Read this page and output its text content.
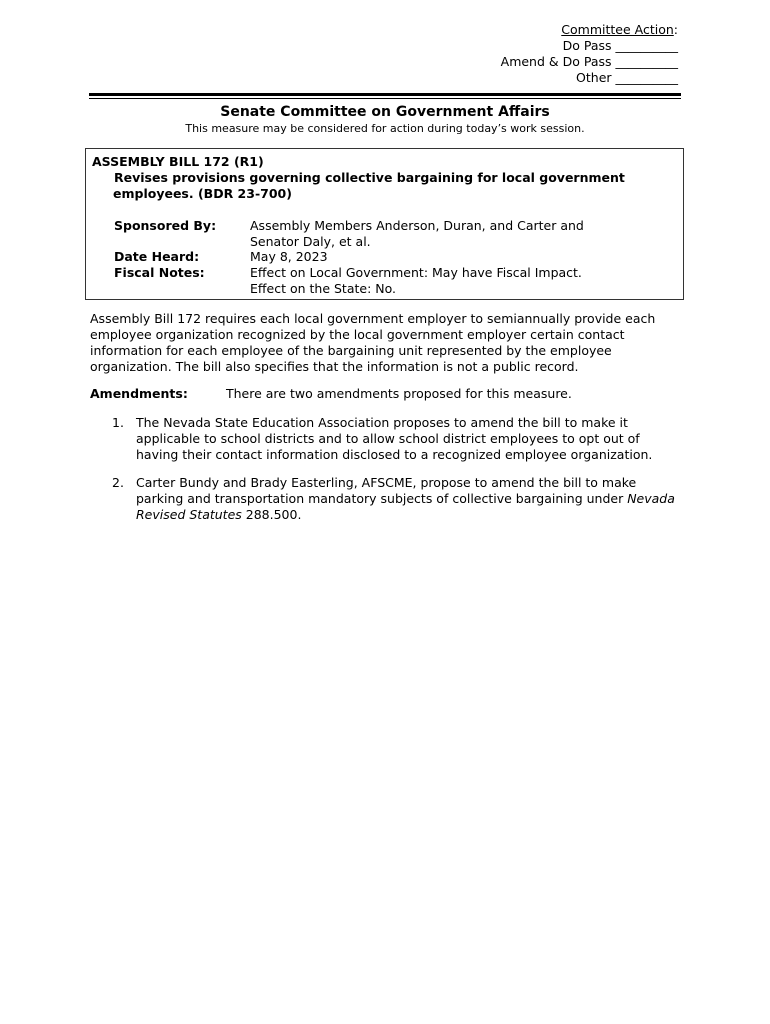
Committee Action:
Do Pass __________
Amend & Do Pass __________
Other __________
Senate Committee on Government Affairs
This measure may be considered for action during today’s work session.
ASSEMBLY BILL 172 (R1)
Revises provisions governing collective bargaining for local government
employees. (BDR 23-700)
Sponsored By:	Assembly Members Anderson, Duran, and Carter and
Senator Daly, et al.
Date Heard:	May 8, 2023
Fiscal Notes:	Effect on Local Government: May have Fiscal Impact.
Effect on the State: No.
Assembly Bill 172 requires each local government employer to semiannually provide each
employee organization recognized by the local government employer certain contact
information for each employee of the bargaining unit represented by the employee
organization. The bill also specifies that the information is not a public record.
Amendments:	There are two amendments proposed for this measure.
1. The Nevada State Education Association proposes to amend the bill to make it
applicable to school districts and to allow school district employees to opt out of
having their contact information disclosed to a recognized employee organization.
2. Carter Bundy and Brady Easterling, AFSCME, propose to amend the bill to make
parking and transportation mandatory subjects of collective bargaining under Nevada
Revised Statutes 288.500.
